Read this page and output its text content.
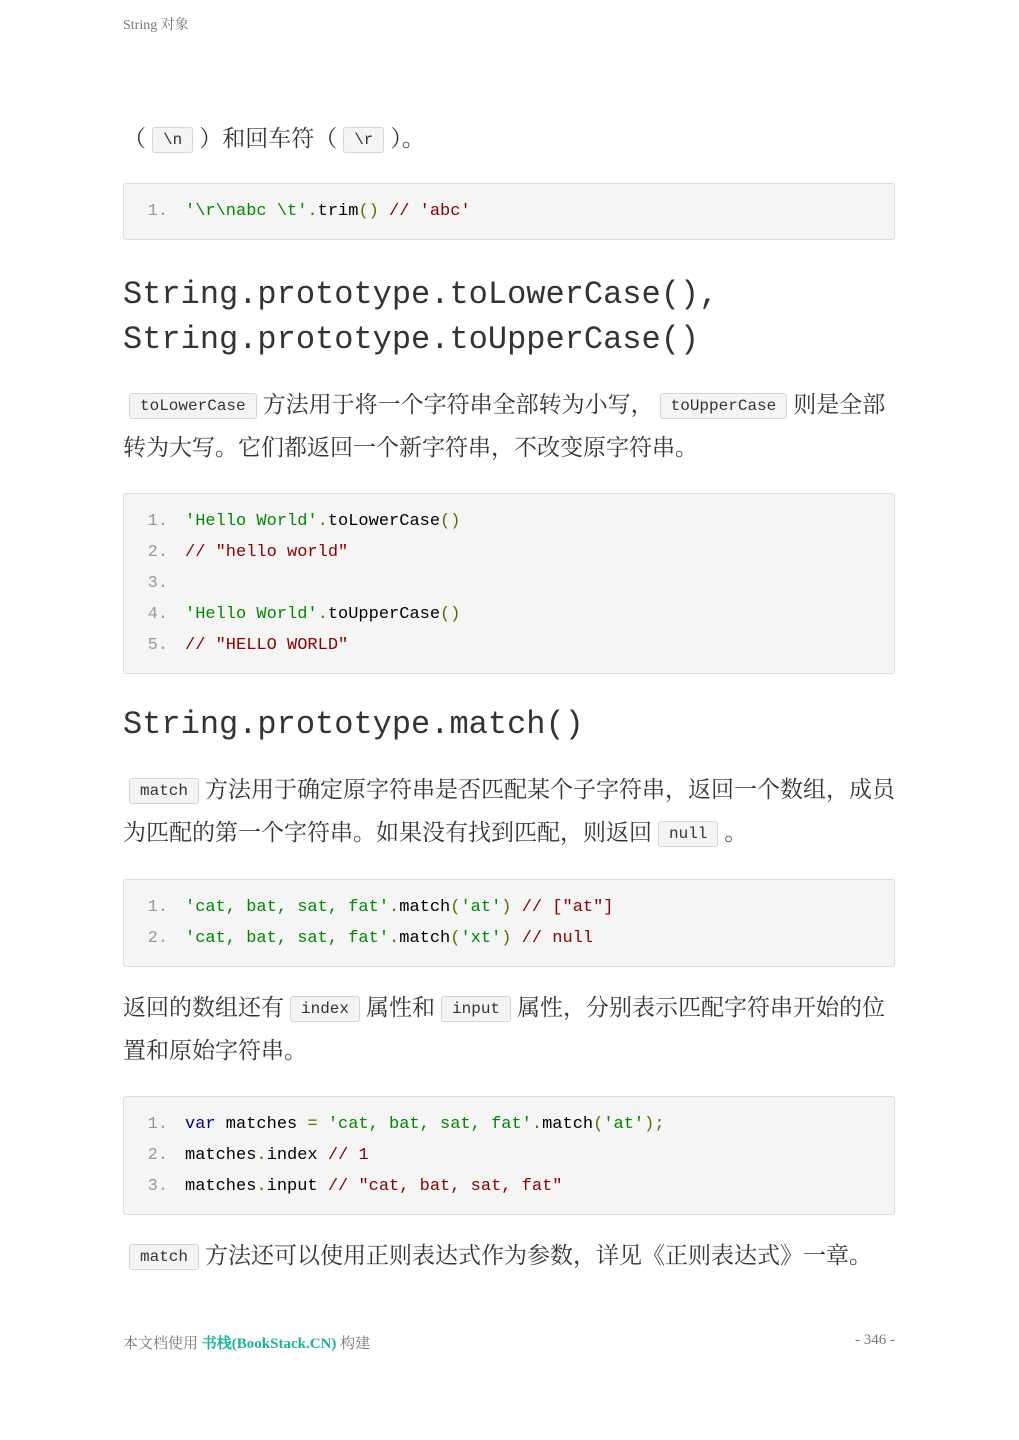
String 对象

（ \n ）和回车符（ \r ）。

1. '\r\nabc \t'.trim() // 'abc'
String.prototype.toLowerCase(),
String.prototype.toUpperCase()

toLowerCase 方法用于将一个字符串全部转为小写， toUpperCase 则是全部转为大写。它们都返回一个新字符串，不改变原字符串。

1. 'Hello World'.toLowerCase()
2. // "hello world"
3.
4. 'Hello World'.toUpperCase()
5. // "HELLO WORLD"
String.prototype.match()

match 方法用于确定原字符串是否匹配某个子字符串，返回一个数组，成员为匹配的第一个字符串。如果没有找到匹配，则返回 null 。

1. 'cat, bat, sat, fat'.match('at') // ["at"]
2. 'cat, bat, sat, fat'.match('xt') // null

返回的数组还有 index 属性和 input 属性，分别表示匹配字符串开始的位置和原始字符串。

1. var matches = 'cat, bat, sat, fat'.match('at');
2. matches.index // 1
3. matches.input // "cat, bat, sat, fat"

match 方法还可以使用正则表达式作为参数，详见《正则表达式》一章。

本文档使用 书栈(BookStack.CN) 构建	- 346 -
